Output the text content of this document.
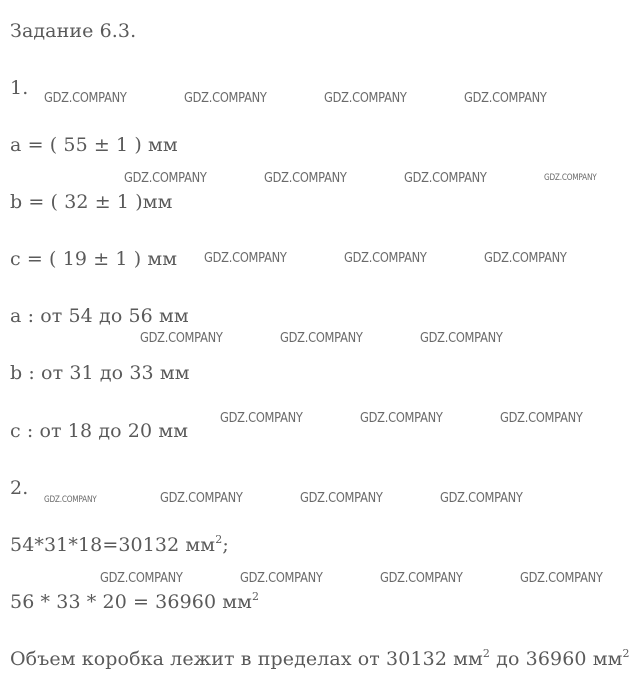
Задание 6.3.
1.
a = ( 55 ± 1 ) мм
b = ( 32 ± 1 )мм
c = ( 19 ± 1 ) мм
a : от 54 до 56 мм
b : от 31 до 33 мм
c : от 18 до 20 мм
2.
54*31*18=30132 $мм^2$;
56 * 33 * 20 = 36960 $мм^2$
Объем коробка лежит в пределах от 30132 $мм^2$ до 36960 $мм^2$
GDZ.COMPANY	GDZ.COMPANY	GDZ.COMPANY	GDZ.COMPANY
GDZ.COMPANY	GDZ.COMPANY	GDZ.COMPANY	GDZ.COMPANY
GDZ.COMPANY	GDZ.COMPANY	GDZ.COMPANY
GDZ.COMPANY	GDZ.COMPANY	GDZ.COMPANY
GDZ.COMPANY	GDZ.COMPANY	GDZ.COMPANY
GDZ.COMPANY	GDZ.COMPANY	GDZ.COMPANY	GDZ.COMPANY
GDZ.COMPANY	GDZ.COMPANY	GDZ.COMPANY	GDZ.COMPANY
